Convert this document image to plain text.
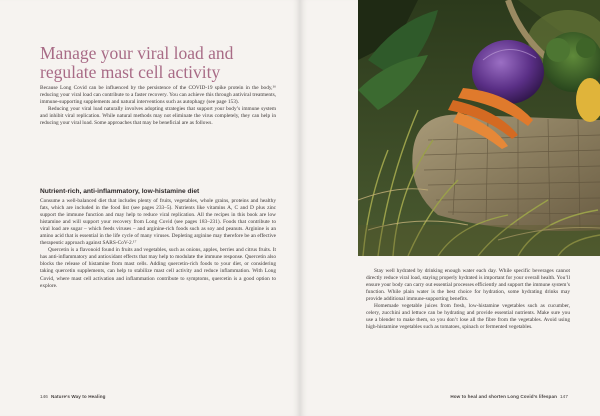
Manage your viral load and regulate mast cell activity

Because Long Covid can be influenced by the persistence of the COVID-19 spike protein in the body,¹⁶ reducing your viral load can contribute to a faster recovery. You can achieve this through antiviral treatments, immune-supporting supplements and natural interventions such as autophagy (see page 153).

Reducing your viral load naturally involves adopting strategies that support your body’s immune system and inhibit viral replication. While natural methods may not eliminate the virus completely, they can help in reducing your viral load. Some approaches that may be beneficial are as follows.

Nutrient-rich, anti-inflammatory, low-histamine diet

Consume a well-balanced diet that includes plenty of fruits, vegetables, whole grains, proteins and healthy fats, which are included in the food list (see pages 233–5). Nutrients like vitamins A, C and D plus zinc support the immune function and may help to reduce viral replication. All the recipes in this book are low histamine and will support your recovery from Long Covid (see pages 183–231). Foods that contribute to viral load are sugar – which feeds viruses – and arginine-rich foods such as soy and peanuts. Arginine is an amino acid that is essential in the life cycle of many viruses. Depleting arginine may therefore be an effective therapeutic approach against SARS-CoV-2.¹⁷

Quercetin is a flavonoid found in fruits and vegetables, such as onions, apples, berries and citrus fruits. It has anti-inflammatory and antioxidant effects that may help to modulate the immune response. Quercetin also blocks the release of histamine from mast cells. Adding quercetin-rich foods to your diet, or considering taking quercetin supplements, can help to stabilize mast cell activity and reduce inflammation. With Long Covid, where mast cell activation and inflammation contribute to symptoms, quercetin is a good option to explore.

146 Nature’s Way to Healing

Stay well hydrated by drinking enough water each day. While specific beverages cannot directly reduce viral load, staying properly hydrated is important for your overall health. You’ll ensure your body can carry out essential processes efficiently and support the immune system’s function. While plain water is the best choice for hydration, some hydrating drinks may provide additional immune-supporting benefits.

Homemade vegetable juices from fresh, low-histamine vegetables such as cucumber, celery, zucchini and lettuce can be hydrating and provide essential nutrients. Make sure you use a blender to make them, so you don’t lose all the fibre from the vegetables. Avoid using high-histamine vegetables such as tomatoes, spinach or fermented vegetables.

How to heal and shorten Long Covid’s lifespan 147
